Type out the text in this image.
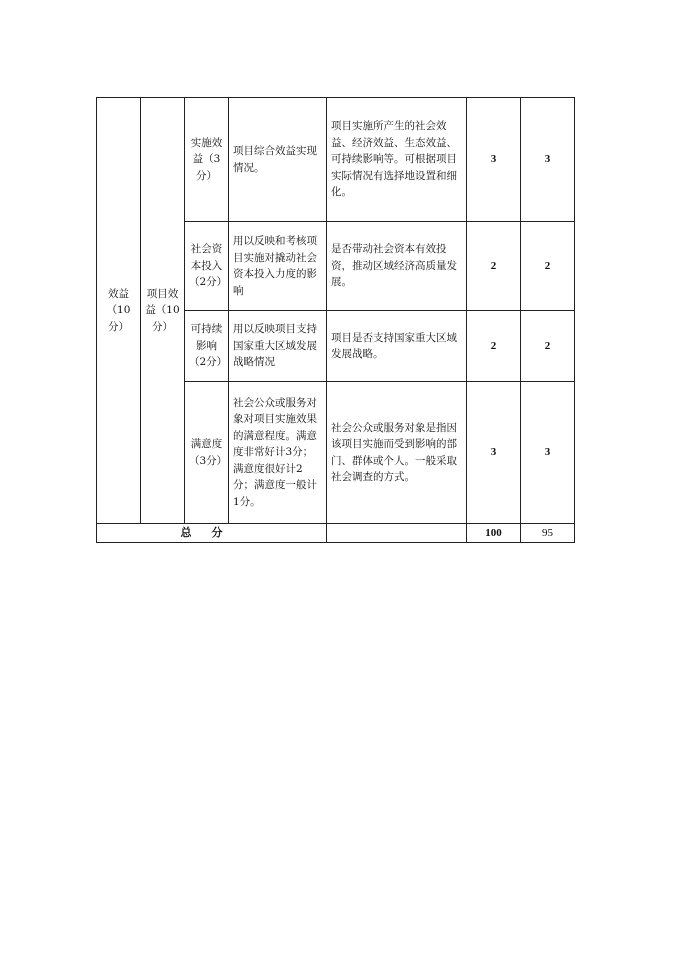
效益（10分）	项目效益（10分）	实施效益（3分）	项目综合效益实现情况。	项目实施所产生的社会效益、经济效益、生态效益、可持续影响等。可根据项目实际情况有选择地设置和细化。	3	3

		社会资本投入（2分）	用以反映和考核项目实施对撬动社会资本投入力度的影响	是否带动社会资本有效投资，推动区域经济高质量发展。	2	2

		可持续影响（2分）	用以反映项目支持国家重大区域发展战略情况	项目是否支持国家重大区域发展战略。	2	2

		满意度（3分）	社会公众或服务对象对项目实施效果的满意程度。满意度非常好计3分；满意度很好计2分；满意度一般计1分。	社会公众或服务对象是指因该项目实施而受到影响的部门、群体或个人。一般采取社会调查的方式。	3	3
总分					100	95
